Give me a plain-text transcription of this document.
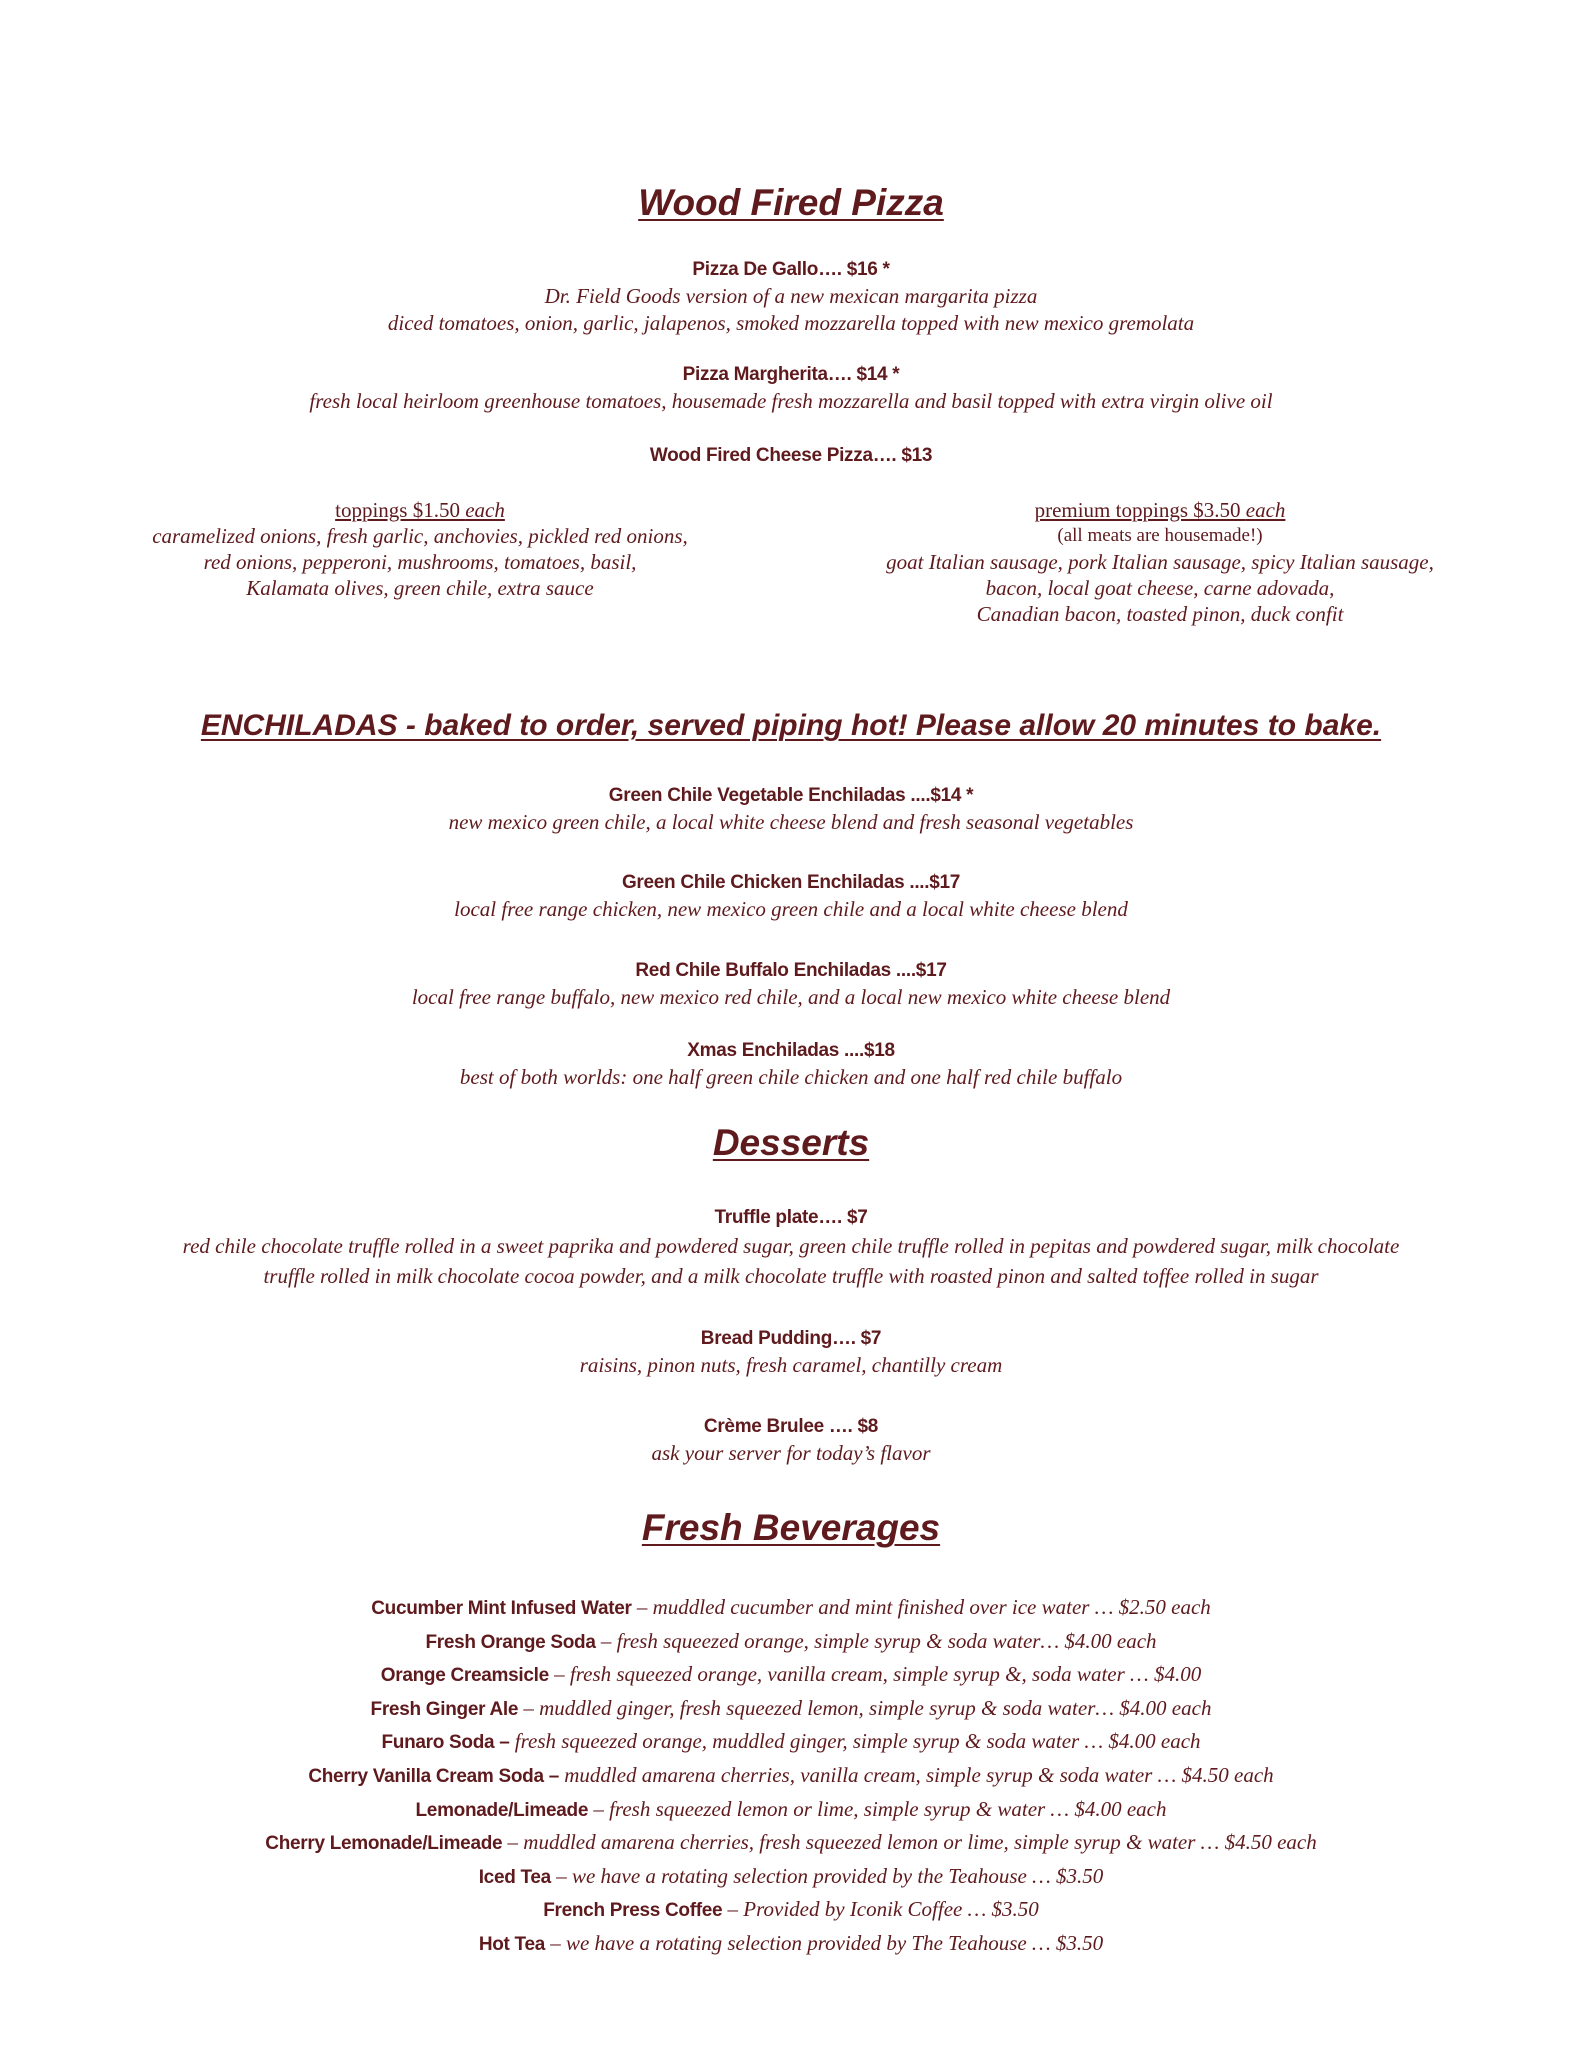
Wood Fired Pizza
Pizza De Gallo…. $16 *
Dr. Field Goods version of a new mexican margarita pizza
diced tomatoes, onion, garlic, jalapenos, smoked mozzarella topped with new mexico gremolata
Pizza Margherita…. $14 *
fresh local heirloom greenhouse tomatoes, housemade fresh mozzarella and basil topped with extra virgin olive oil
Wood Fired Cheese Pizza…. $13
toppings $1.50 each
caramelized onions, fresh garlic, anchovies, pickled red onions,
red onions, pepperoni, mushrooms, tomatoes, basil,
Kalamata olives, green chile, extra sauce
premium toppings $3.50 each
(all meats are housemade!)
goat Italian sausage, pork Italian sausage, spicy Italian sausage,
bacon, local goat cheese, carne adovada,
Canadian bacon, toasted pinon, duck confit
ENCHILADAS - baked to order, served piping hot! Please allow 20 minutes to bake.
Green Chile Vegetable Enchiladas ....$14 *
new mexico green chile, a local white cheese blend and fresh seasonal vegetables
Green Chile Chicken Enchiladas ....$17
local free range chicken, new mexico green chile and a local white cheese blend
Red Chile Buffalo Enchiladas ....$17
local free range buffalo, new mexico red chile, and a local new mexico white cheese blend
Xmas Enchiladas ....$18
best of both worlds: one half green chile chicken and one half red chile buffalo
Desserts
Truffle plate…. $7
red chile chocolate truffle rolled in a sweet paprika and powdered sugar, green chile truffle rolled in pepitas and powdered sugar, milk chocolate
truffle rolled in milk chocolate cocoa powder, and a milk chocolate truffle with roasted pinon and salted toffee rolled in sugar
Bread Pudding…. $7
raisins, pinon nuts, fresh caramel, chantilly cream
Crème Brulee …. $8
ask your server for today’s flavor
Fresh Beverages
Cucumber Mint Infused Water – muddled cucumber and mint finished over ice water … $2.50 each
Fresh Orange Soda – fresh squeezed orange, simple syrup & soda water… $4.00 each
Orange Creamsicle – fresh squeezed orange, vanilla cream, simple syrup &, soda water … $4.00
Fresh Ginger Ale – muddled ginger, fresh squeezed lemon, simple syrup & soda water… $4.00 each
Funaro Soda – fresh squeezed orange, muddled ginger, simple syrup & soda water … $4.00 each
Cherry Vanilla Cream Soda – muddled amarena cherries, vanilla cream, simple syrup & soda water … $4.50 each
Lemonade/Limeade – fresh squeezed lemon or lime, simple syrup & water … $4.00 each
Cherry Lemonade/Limeade – muddled amarena cherries, fresh squeezed lemon or lime, simple syrup & water … $4.50 each
Iced Tea – we have a rotating selection provided by the Teahouse … $3.50
French Press Coffee – Provided by Iconik Coffee … $3.50
Hot Tea – we have a rotating selection provided by The Teahouse … $3.50
